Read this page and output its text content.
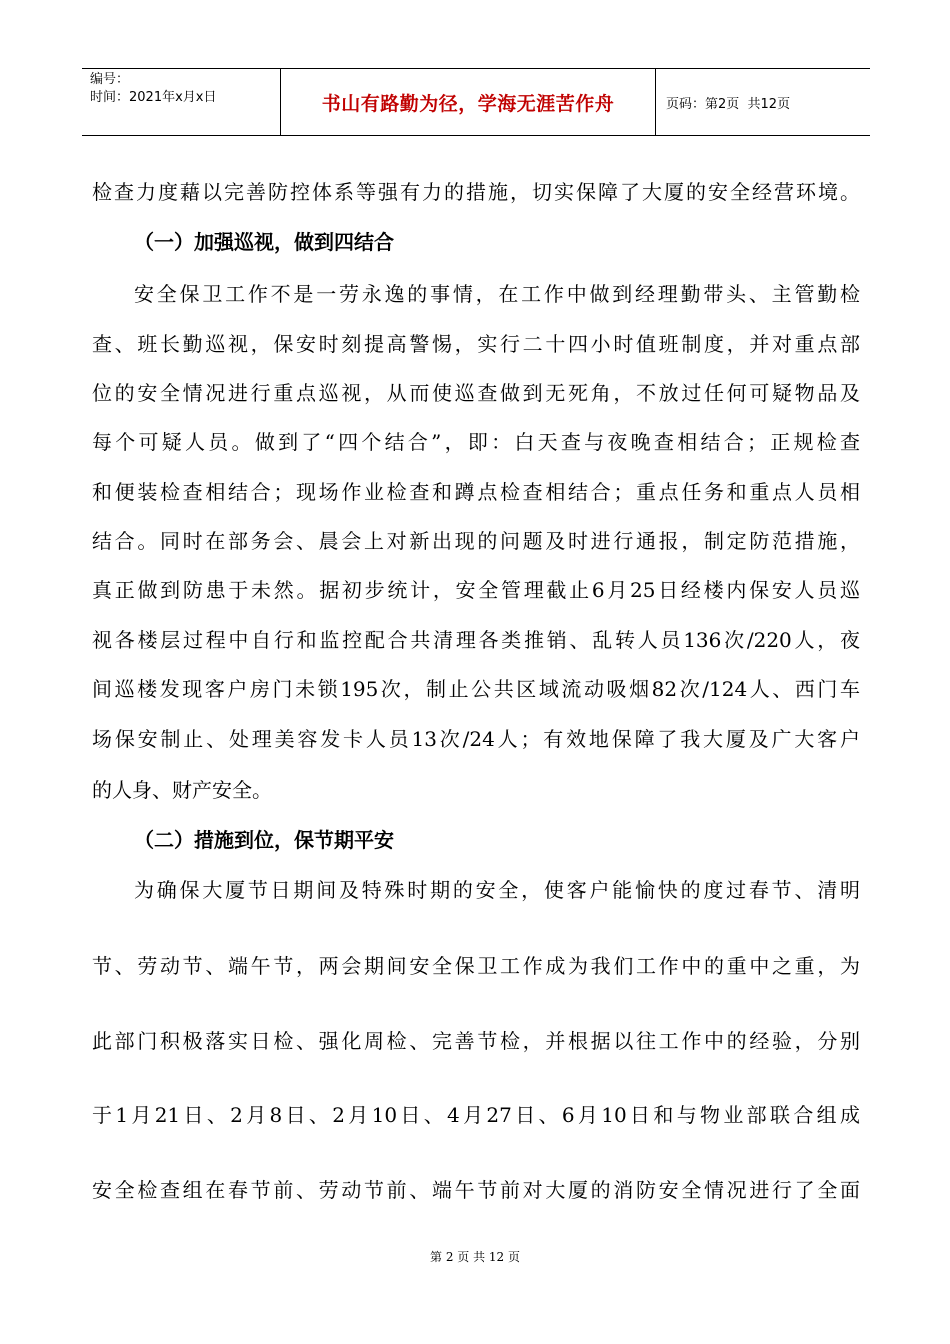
编号：
时间：2021年x月x日	书山有路勤为径，学海无涯苦作舟	页码：第2页  共12页
检查力度藉以完善防控体系等强有力的措施，切实保障了大厦的安全经营环境。
（一）加强巡视，做到四结合
安全保卫工作不是一劳永逸的事情，在工作中做到经理勤带头、主管勤检
查、班长勤巡视，保安时刻提高警惕，实行二十四小时值班制度，并对重点部
位的安全情况进行重点巡视，从而使巡查做到无死角，不放过任何可疑物品及
每个可疑人员。做到了“四个结合”，即：白天查与夜晚查相结合；正规检查
和便装检查相结合；现场作业检查和蹲点检查相结合；重点任务和重点人员相
结合。同时在部务会、晨会上对新出现的问题及时进行通报，制定防范措施，
真正做到防患于未然。据初步统计，安全管理截止6月25日经楼内保安人员巡
视各楼层过程中自行和监控配合共清理各类推销、乱转人员136次/220人，夜
间巡楼发现客户房门未锁195次，制止公共区域流动吸烟82次/124人、西门车
场保安制止、处理美容发卡人员13次/24人；有效地保障了我大厦及广大客户
的人身、财产安全。
（二）措施到位，保节期平安
为确保大厦节日期间及特殊时期的安全，使客户能愉快的度过春节、清明
节、劳动节、端午节，两会期间安全保卫工作成为我们工作中的重中之重，为
此部门积极落实日检、强化周检、完善节检，并根据以往工作中的经验，分别
于1月21日、2月8日、2月10日、4月27日、6月10日和与物业部联合组成
安全检查组在春节前、劳动节前、端午节前对大厦的消防安全情况进行了全面
第 2 页 共 12 页
